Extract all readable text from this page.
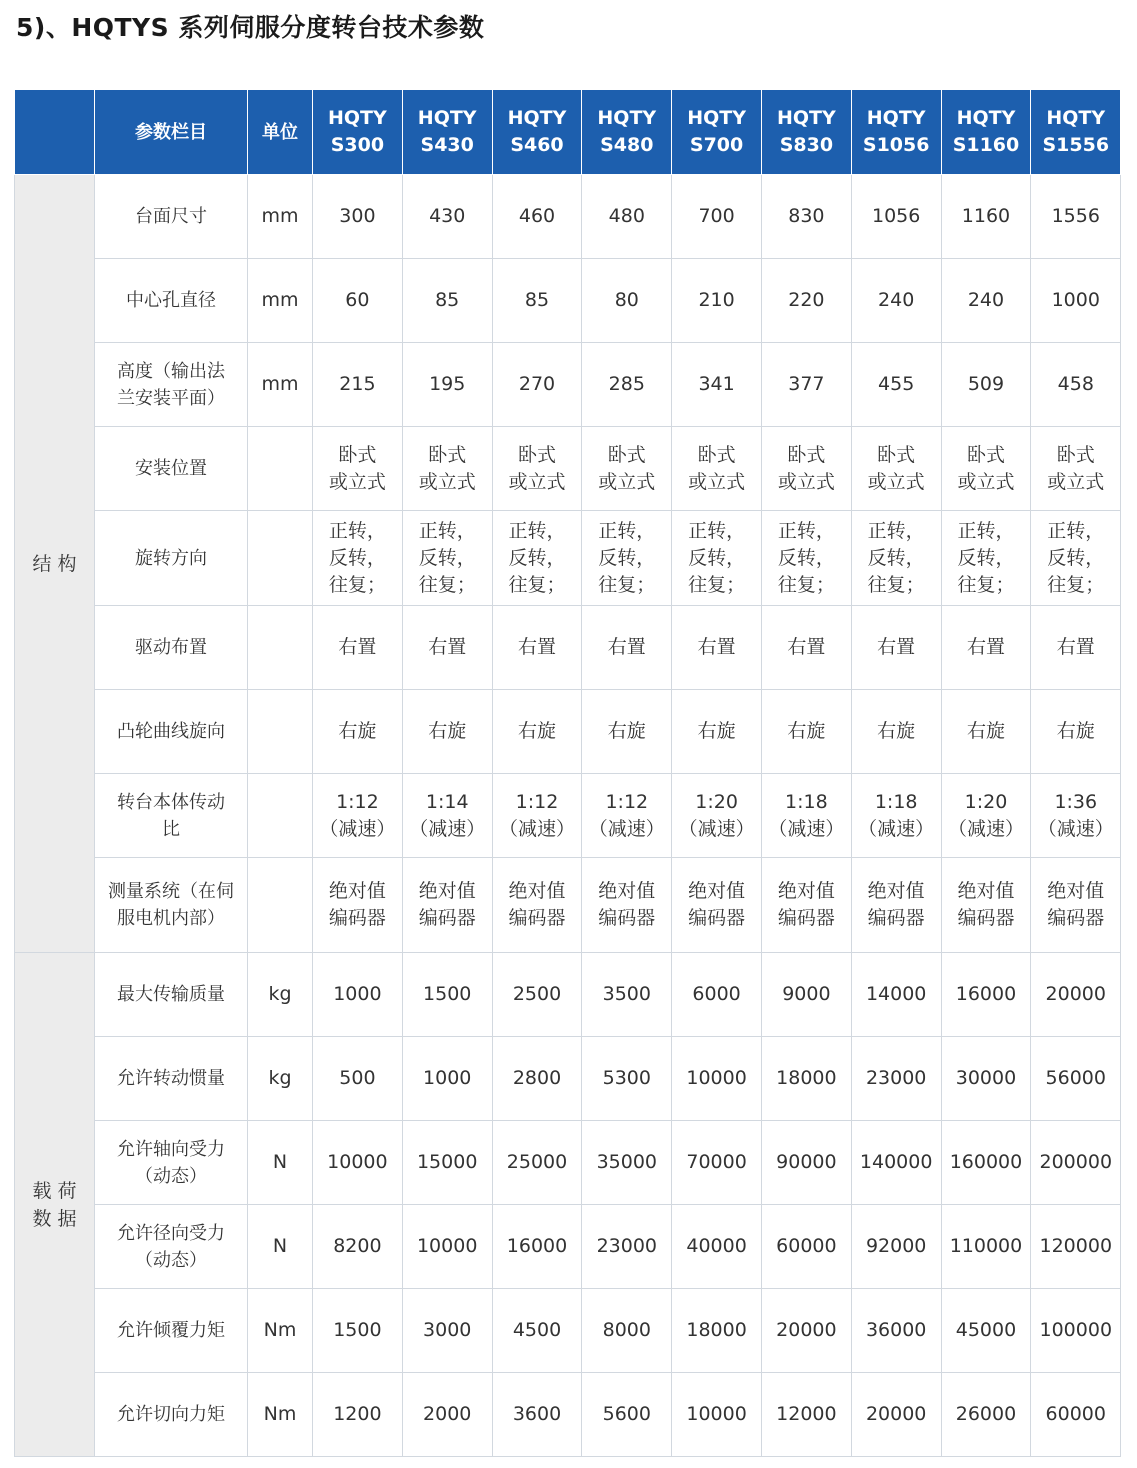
5)、HQTYS 系列伺服分度转台技术参数
	参数栏目	单位	HQTY
S300	HQTY
S430	HQTY
S460	HQTY
S480	HQTY
S700	HQTY
S830	HQTY
S1056	HQTY
S1160	HQTY
S1556
结 构	台面尺寸	mm	300	430	460	480	700	830	1056	1160	1556
	中心孔直径	mm	60	85	85	80	210	220	240	240	1000
	高度（输出法
兰安装平面）	mm	215	195	270	285	341	377	455	509	458
	安装位置		卧式
或立式	卧式
或立式	卧式
或立式	卧式
或立式	卧式
或立式	卧式
或立式	卧式
或立式	卧式
或立式	卧式
或立式
	旋转方向		正转，
反转，
往复；	正转，
反转，
往复；	正转，
反转，
往复；	正转，
反转，
往复；	正转，
反转，
往复；	正转，
反转，
往复；	正转，
反转，
往复；	正转，
反转，
往复；	正转，
反转，
往复；
	驱动布置		右置	右置	右置	右置	右置	右置	右置	右置	右置
	凸轮曲线旋向		右旋	右旋	右旋	右旋	右旋	右旋	右旋	右旋	右旋
	转台本体传动
比		1:12
（减速）	1:14
（减速）	1:12
（减速）	1:12
（减速）	1:20
（减速）	1:18
（减速）	1:18
（减速）	1:20
（减速）	1:36
（减速）
	测量系统（在伺
服电机内部）		绝对值
编码器	绝对值
编码器	绝对值
编码器	绝对值
编码器	绝对值
编码器	绝对值
编码器	绝对值
编码器	绝对值
编码器	绝对值
编码器
载 荷
数 据	最大传输质量	kg	1000	1500	2500	3500	6000	9000	14000	16000	20000
	允许转动惯量	kg	500	1000	2800	5300	10000	18000	23000	30000	56000
	允许轴向受力
（动态）	N	10000	15000	25000	35000	70000	90000	140000	160000	200000
	允许径向受力
（动态）	N	8200	10000	16000	23000	40000	60000	92000	110000	120000
	允许倾覆力矩	Nm	1500	3000	4500	8000	18000	20000	36000	45000	100000
	允许切向力矩	Nm	1200	2000	3600	5600	10000	12000	20000	26000	60000
